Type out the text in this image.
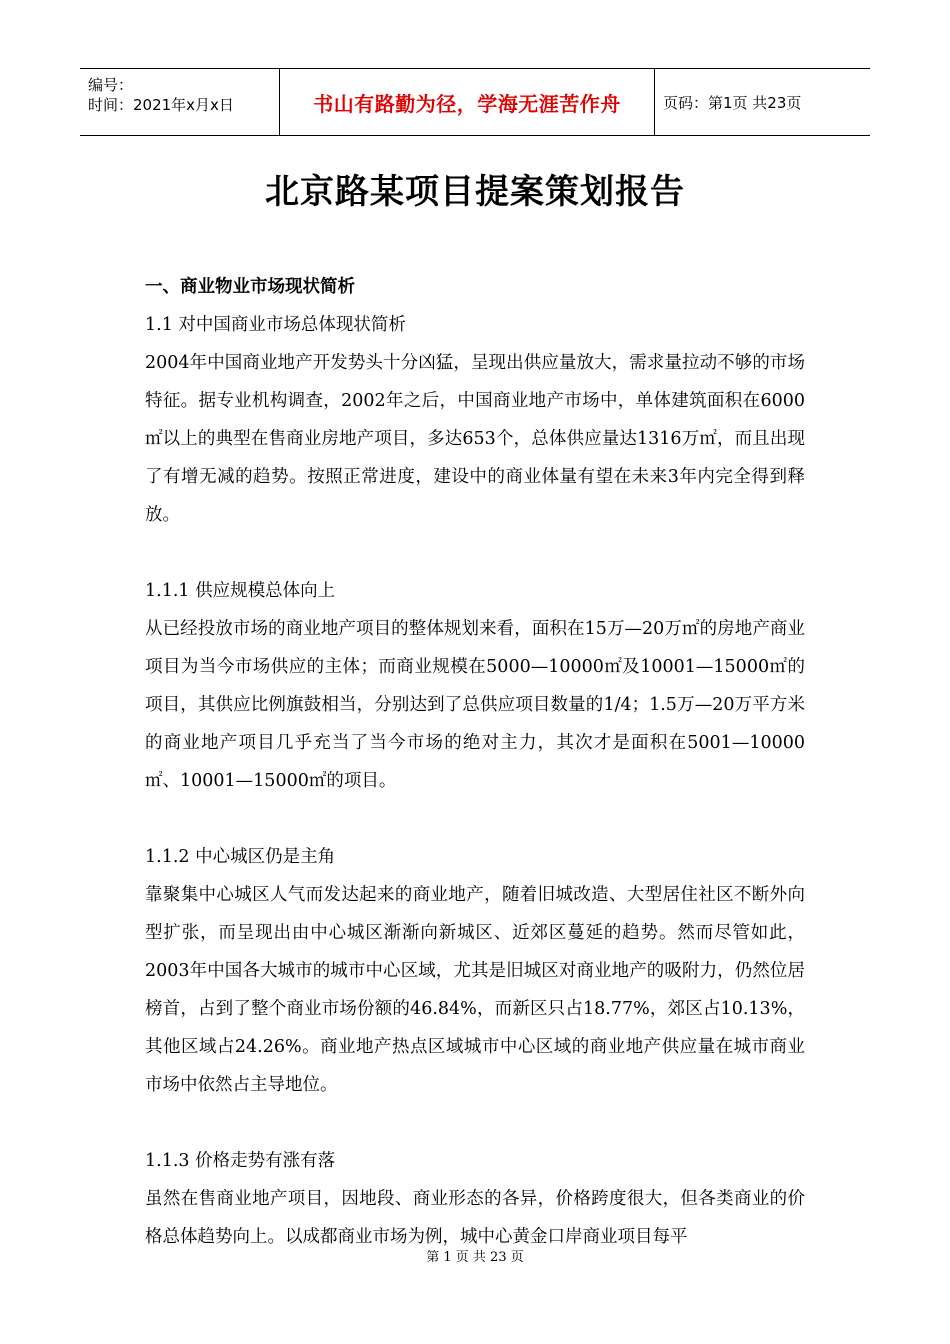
编号：
时间：2021年x月x日	书山有路勤为径，学海无涯苦作舟	页码：第1页 共23页
北京路某项目提案策划报告
一、商业物业市场现状简析
1.1 对中国商业市场总体现状简析
2004年中国商业地产开发势头十分凶猛，呈现出供应量放大，需求量拉动不够的市场特征。据专业机构调查，2002年之后，中国商业地产市场中，单体建筑面积在6000㎡以上的典型在售商业房地产项目，多达653个，总体供应量达1316万㎡，而且出现了有增无减的趋势。按照正常进度，建设中的商业体量有望在未来3年内完全得到释放。
1.1.1 供应规模总体向上
从已经投放市场的商业地产项目的整体规划来看，面积在15万—20万㎡的房地产商业项目为当今市场供应的主体；而商业规模在5000—10000㎡及10001—15000㎡的项目，其供应比例旗鼓相当，分别达到了总供应项目数量的1/4；1.5万—20万平方米的商业地产项目几乎充当了当今市场的绝对主力，其次才是面积在5001—10000㎡、10001—15000㎡的项目。
1.1.2 中心城区仍是主角
靠聚集中心城区人气而发达起来的商业地产，随着旧城改造、大型居住社区不断外向型扩张，而呈现出由中心城区渐渐向新城区、近郊区蔓延的趋势。然而尽管如此，2003年中国各大城市的城市中心区域，尤其是旧城区对商业地产的吸附力，仍然位居榜首，占到了整个商业市场份额的46.84%，而新区只占18.77%，郊区占10.13%，其他区域占24.26%。商业地产热点区域城市中心区域的商业地产供应量在城市商业市场中依然占主导地位。
1.1.3 价格走势有涨有落
虽然在售商业地产项目，因地段、商业形态的各异，价格跨度很大，但各类商业的价格总体趋势向上。以成都商业市场为例，城中心黄金口岸商业项目每平
第 1 页 共 23 页
